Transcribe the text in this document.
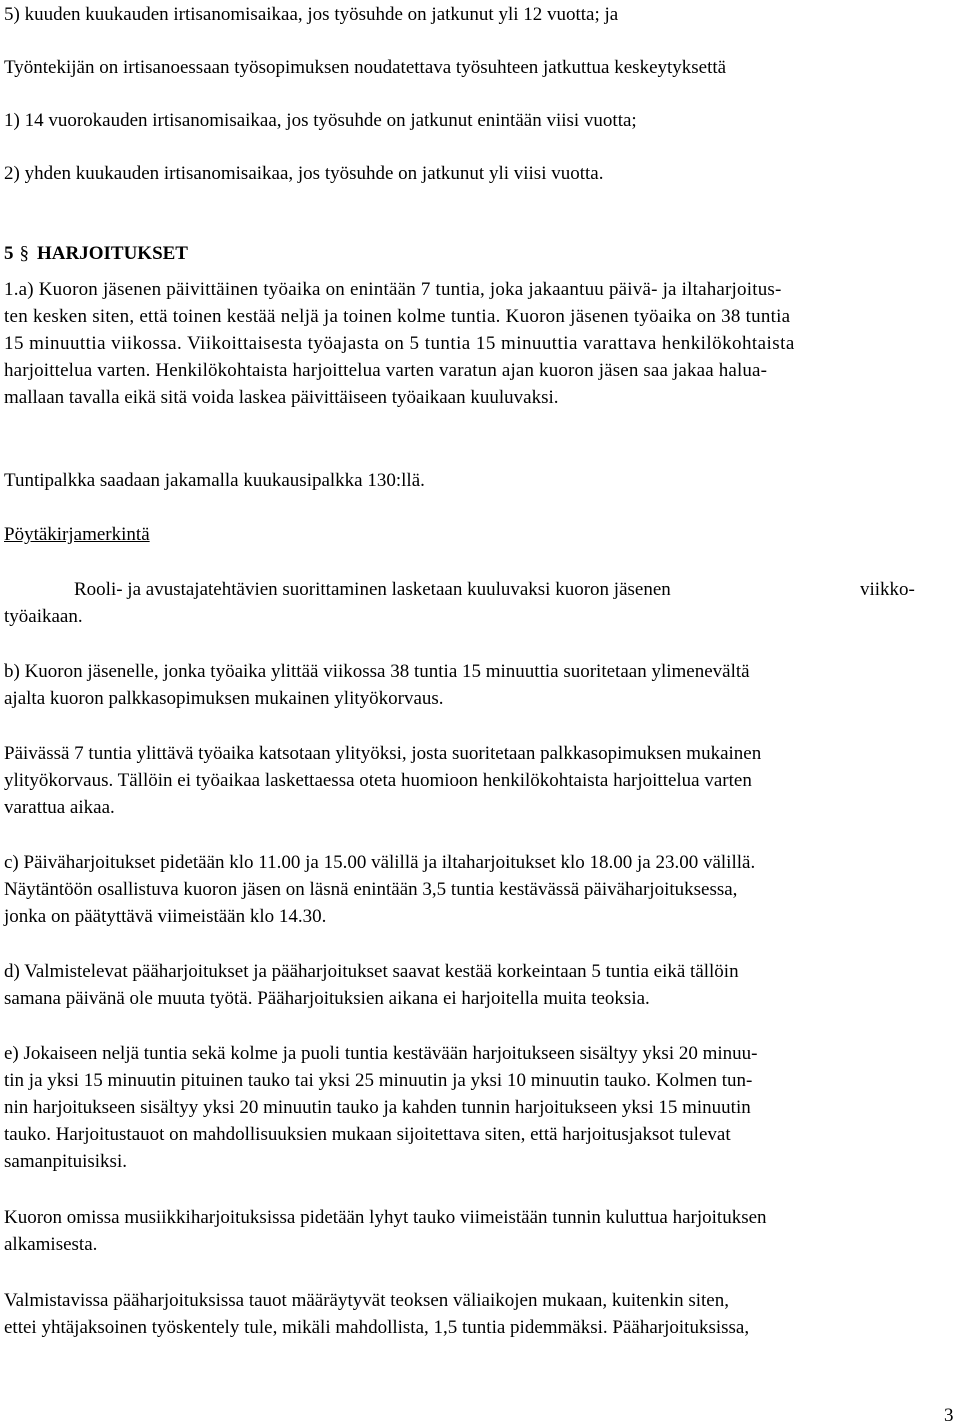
5) kuuden kuukauden irtisanomisaikaa, jos työsuhde on jatkunut yli 12 vuotta; ja
Työntekijän on irtisanoessaan työsopimuksen noudatettava työsuhteen jatkuttua keskeytyksettä
1) 14 vuorokauden irtisanomisaikaa, jos työsuhde on jatkunut enintään viisi vuotta;
2) yhden kuukauden irtisanomisaikaa, jos työsuhde on jatkunut yli viisi vuotta.
5 § HARJOITUKSET
1.a) Kuoron jäsenen päivittäinen työaika on enintään 7 tuntia, joka jakaantuu päivä- ja iltaharjoitus-
ten kesken siten, että toinen kestää neljä ja toinen kolme tuntia. Kuoron jäsenen työaika on 38 tuntia
15 minuuttia viikossa. Viikoittaisesta työajasta on 5 tuntia 15 minuuttia varattava henkilökohtaista
harjoittelua varten. Henkilökohtaista harjoittelua varten varatun ajan kuoron jäsen saa jakaa halua-
mallaan tavalla eikä sitä voida laskea päivittäiseen työaikaan kuuluvaksi.
Tuntipalkka saadaan jakamalla kuukausipalkka 130:llä.
Pöytäkirjamerkintä
Rooli- ja avustajatehtävien suorittaminen lasketaan kuuluvaksi kuoron jäsenen	viikko-
työaikaan.
b) Kuoron jäsenelle, jonka työaika ylittää viikossa 38 tuntia 15 minuuttia suoritetaan ylimenevältä
ajalta kuoron palkkasopimuksen mukainen ylityökorvaus.
Päivässä 7 tuntia ylittävä työaika katsotaan ylityöksi, josta suoritetaan palkkasopimuksen mukainen
ylityökorvaus. Tällöin ei työaikaa laskettaessa oteta huomioon henkilökohtaista harjoittelua varten
varattua aikaa.
c) Päiväharjoitukset pidetään klo 11.00 ja 15.00 välillä ja iltaharjoitukset klo 18.00 ja 23.00 välillä.
Näytäntöön osallistuva kuoron jäsen on läsnä enintään 3,5 tuntia kestävässä päiväharjoituksessa,
jonka on päätyttävä viimeistään klo 14.30.
d) Valmistelevat pääharjoitukset ja pääharjoitukset saavat kestää korkeintaan 5 tuntia eikä tällöin
samana päivänä ole muuta työtä. Pääharjoituksien aikana ei harjoitella muita teoksia.
e) Jokaiseen neljä tuntia sekä kolme ja puoli tuntia kestävään harjoitukseen sisältyy yksi 20 minuu-
tin ja yksi 15 minuutin pituinen tauko tai yksi 25 minuutin ja yksi 10 minuutin tauko. Kolmen tun-
nin harjoitukseen sisältyy yksi 20 minuutin tauko ja kahden tunnin harjoitukseen yksi 15 minuutin
tauko. Harjoitustauot on mahdollisuuksien mukaan sijoitettava siten, että harjoitusjaksot tulevat
samanpituisiksi.
Kuoron omissa musiikkiharjoituksissa pidetään lyhyt tauko viimeistään tunnin kuluttua harjoituksen
alkamisesta.
Valmistavissa pääharjoituksissa tauot määräytyvät teoksen väliaikojen mukaan, kuitenkin siten,
ettei yhtäjaksoinen työskentely tule, mikäli mahdollista, 1,5 tuntia pidemmäksi. Pääharjoituksissa,
3
